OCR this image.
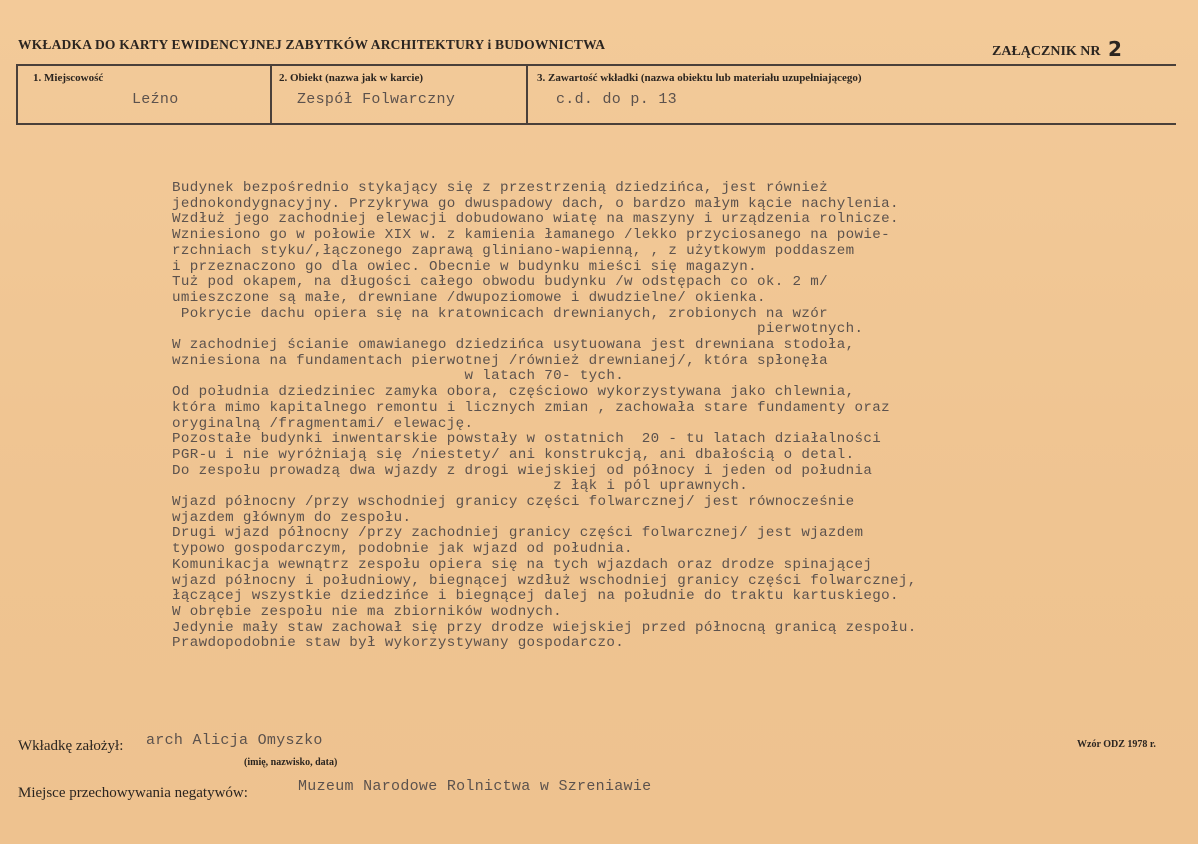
WKŁADKA DO KARTY EWIDENCYJNEJ ZABYTKÓW ARCHITEKTURY i BUDOWNICTWA	ZAŁĄCZNIK NR 2
1. Miejscowość
Leźno
2. Obiekt (nazwa jak w karcie)
Zespół Folwarczny
3. Zawartość wkładki (nazwa obiektu lub materiału uzupełniającego)
c.d. do p. 13
Budynek bezpośrednio stykający się z przestrzenią dziedzińca, jest również
jednokondygnacyjny. Przykrywa go dwuspadowy dach, o bardzo małym kącie nachylenia.
Wzdłuż jego zachodniej elewacji dobudowano wiatę na maszyny i urządzenia rolnicze.
Wzniesiono go w połowie XIX w. z kamienia łamanego /lekko przyciosanego na powie-
rzchniach styku/,łączonego zaprawą gliniano-wapienną, , z użytkowym poddaszem
i przeznaczono go dla owiec. Obecnie w budynku mieści się magazyn.
Tuż pod okapem, na długości całego obwodu budynku /w odstępach co ok. 2 m/
umieszczone są małe, drewniane /dwupoziomowe i dwudzielne/ okienka.
Pokrycie dachu opiera się na kratownicach drewnianych, zrobionych na wzór
pierwotnych.
W zachodniej ścianie omawianego dziedzińca usytuowana jest drewniana stodoła,
wzniesiona na fundamentach pierwotnej /również drewnianej/, która spłonęła
w latach 70- tych.
Od południa dziedziniec zamyka obora, częściowo wykorzystywana jako chlewnia,
która mimo kapitalnego remontu i licznych zmian , zachowała stare fundamenty oraz
oryginalną /fragmentami/ elewację.
Pozostałe budynki inwentarskie powstały w ostatnich  20 - tu latach działalności
PGR-u i nie wyróżniają się /niestety/ ani konstrukcją, ani dbałością o detal.
Do zespołu prowadzą dwa wjazdy z drogi wiejskiej od północy i jeden od południa
z łąk i pól uprawnych.
Wjazd północny /przy wschodniej granicy części folwarcznej/ jest równocześnie
wjazdem głównym do zespołu.
Drugi wjazd północny /przy zachodniej granicy części folwarcznej/ jest wjazdem
typowo gospodarczym, podobnie jak wjazd od południa.
Komunikacja wewnątrz zespołu opiera się na tych wjazdach oraz drodze spinającej
wjazd północny i południowy, biegnącej wzdłuż wschodniej granicy części folwarcznej,
łączącej wszystkie dziedzińce i biegnącej dalej na południe do traktu kartuskiego.
W obrębie zespołu nie ma zbiorników wodnych.
Jedynie mały staw zachował się przy drodze wiejskiej przed północną granicą zespołu.
Prawdopodobnie staw był wykorzystywany gospodarczo.
Wkładkę założył: arch Alicja Omyszko
(imię, nazwisko, data)
Wzór ODZ 1978 r.
Miejsce przechowywania negatywów:	Muzeum Narodowe Rolnictwa w Szreniawie
